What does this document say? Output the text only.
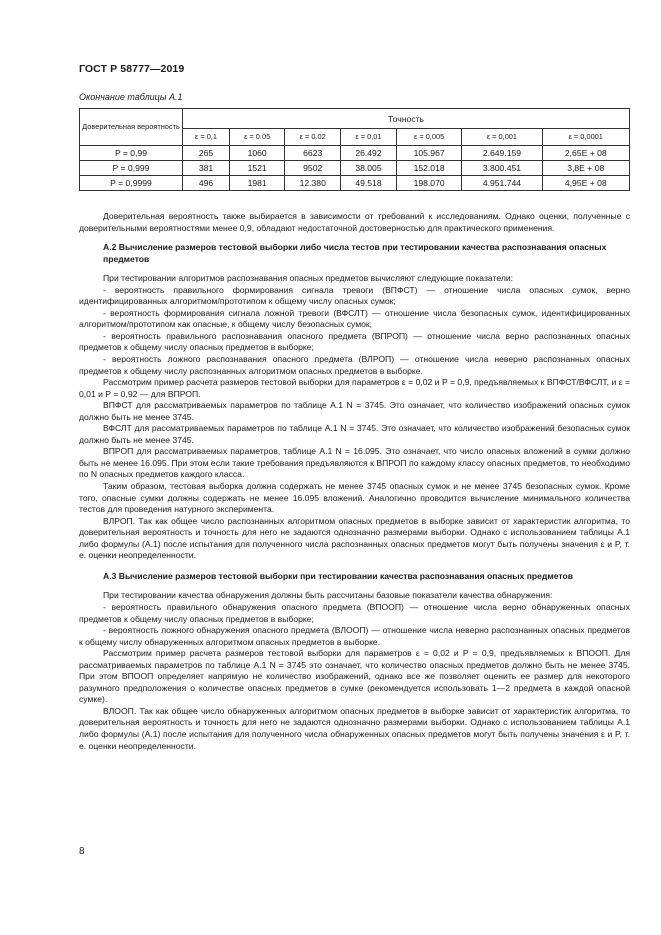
ГОСТ Р 58777—2019
Окончание таблицы А.1
Доверительная вероятность	Точность						
	ε = 0,1	ε = 0.05	ε = 0.02	ε = 0,01	ε = 0,005	ε = 0,001	ε = 0,0001
P = 0,99	265	1060	6623	26.492	105.967	2.649.159	2,65E + 08
P = 0,999	381	1521	9502	38.005	152.018	3.800.451	3,8E + 08
P = 0,9999	496	1981	12.380	49.518	198.070	4.951.744	4,95E + 08

Доверительная вероятность также выбирается в зависимости от требований к исследованиям. Однако оценки, полученные с доверительными вероятностями менее 0,9, обладают недостаточной достоверностью для практического применения.

А.2 Вычисление размеров тестовой выборки либо числа тестов при тестировании качества распознавания опасных предметов

При тестировании алгоритмов распознавания опасных предметов вычисляют следующие показатели:

- вероятность правильного формирования сигнала тревоги (ВПФСТ) — отношение числа опасных сумок, верно идентифицированных алгоритмом/прототипом к общему числу опасных сумок;

- вероятность формирования сигнала ложной тревоги (ВФСЛТ) — отношение числа безопасных сумок, идентифицированных алгоритмом/прототипом как опасные, к общему числу безопасных сумок;

- вероятность правильного распознавания опасного предмета (ВПРОП) — отношение числа верно распознанных опасных предметов к общему числу опасных предметов в выборке;

- вероятность ложного распознавания опасного предмета (ВЛРОП) — отношение числа неверно распознанных опасных предметов к общему числу распознанных алгоритмом опасных предметов в выборке.

Рассмотрим пример расчета размеров тестовой выборки для параметров ε = 0,02 и P = 0,9, предъявляемых к ВПФСТ/ВФСЛТ, и ε = 0,01 и P = 0,92 — для ВПРОП.

ВПФСТ для рассматриваемых параметров по таблице А.1 N = 3745. Это означает, что количество изображений опасных сумок должно быть не менее 3745.

ВФСЛТ для рассматриваемых параметров по таблице А.1 N = 3745. Это означает, что количество изображений безопасных сумок должно быть не менее 3745.

ВПРОП для рассматриваемых параметров, таблице А.1 N = 16.095. Это означает, что число опасных вложений в сумки должно быть не менее 16.095. При этом если такие требования предъявляются к ВПРОП по каждому классу опасных предметов, то необходимо по N опасных предметов каждого класса.

Таким образом, тестовая выборка должна содержать не менее 3745 опасных сумок и не менее 3745 безопасных сумок. Кроме того, опасные сумки должны содержать не менее 16.095 вложений. Аналогично проводится вычисление минимального количества тестов для проведения натурного эксперимента.

ВЛРОП. Так как общее число распознанных алгоритмом опасных предметов в выборке зависит от характеристик алгоритма, то доверительная вероятность и точность для него не задаются однозначно размерами выборки. Однако с использованием таблицы А.1 либо формулы (А.1) после испытания для полученного числа распознанных опасных предметов могут быть получены значения ε и P, т. е. оценки неопределенности.

А.3 Вычисление размеров тестовой выборки при тестировании качества распознавания опасных предметов

При тестировании качества обнаружения должны быть рассчитаны базовые показатели качества обнаружения:

- вероятность правильного обнаружения опасного предмета (ВПООП) — отношение числа верно обнаруженных опасных предметов к общему числу опасных предметов в выборке;

- вероятность ложного обнаружения опасного предмета (ВЛООП) — отношение числа неверно распознанных опасных предметов к общему числу обнаруженных алгоритмом опасных предметов в выборке.

Рассмотрим пример расчета размеров тестовой выборки для параметров ε = 0,02 и P = 0,9, предъявляемых к ВПООП. Для рассматриваемых параметров по таблице А.1 N = 3745 это означает, что количество опасных предметов должно быть не менее 3745. При этом ВПООП определяет напрямую не количество изображений, однако все же позволяет оценить ее размер для некоторого разумного предположения о количестве опасных предметов в сумке (рекомендуется использовать 1—2 предмета в каждой опасной сумке).

ВЛООП. Так как общее число обнаруженных алгоритмом опасных предметов в выборке зависит от характеристик алгоритма, то доверительная вероятность и точность для него не задаются однозначно размерами выборки. Однако с использованием таблицы А.1 либо формулы (А.1) после испытания для полученного числа обнаруженных опасных предметов могут быть получены значения ε и P, т. е. оценки неопределенности.

8
